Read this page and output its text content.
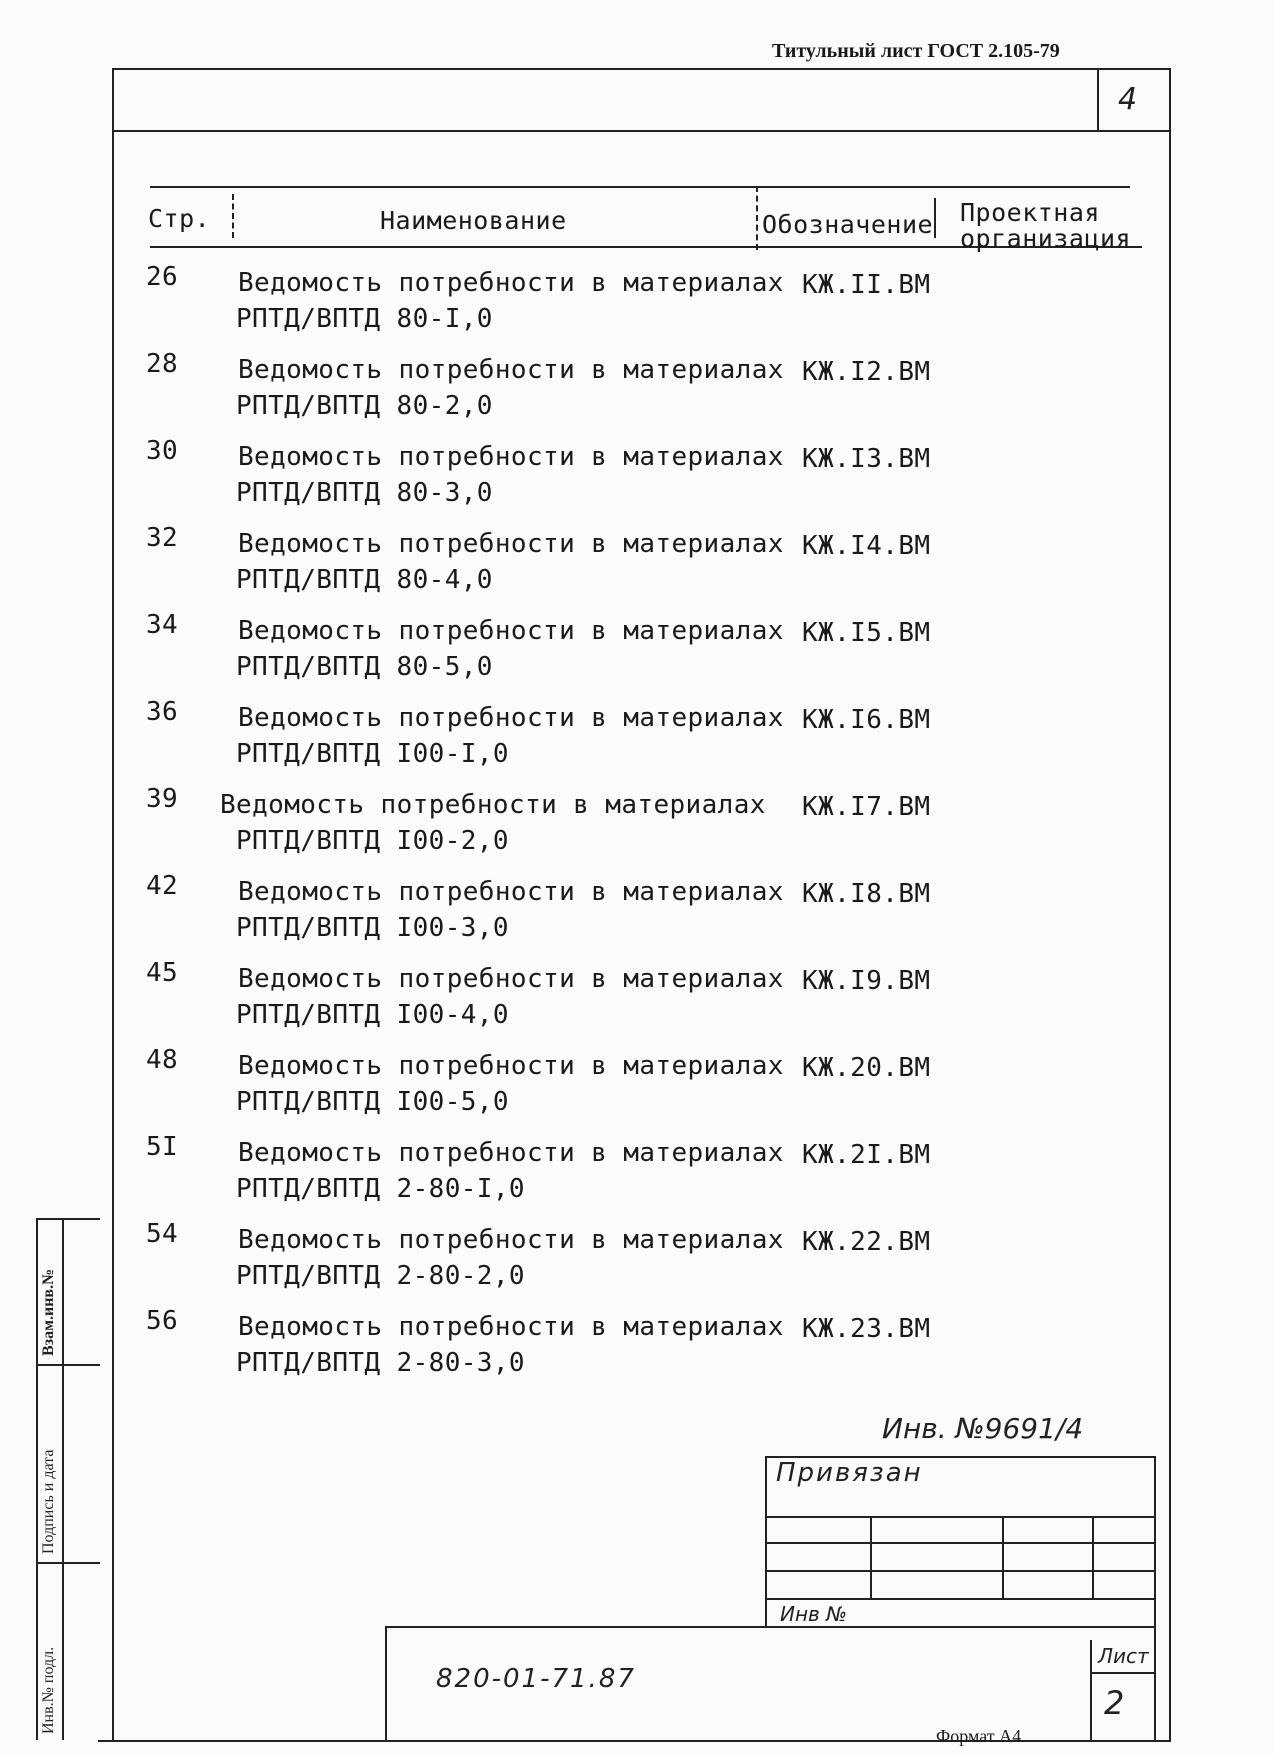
Титульный лист ГОСТ 2.105-79
4
Стр.	Наименование	Обозначение Проектная
организация
26 Ведомость потребности в материалах
РПТД/ВПТД 80-I,0
КЖ.II.ВМ
28 Ведомость потребности в материалах
РПТД/ВПТД 80-2,0
КЖ.I2.ВМ
30 Ведомость потребности в материалах
РПТД/ВПТД 80-3,0
КЖ.I3.ВМ
32 Ведомость потребности в материалах
РПТД/ВПТД 80-4,0
КЖ.I4.ВМ
34 Ведомость потребности в материалах
РПТД/ВПТД 80-5,0
КЖ.I5.ВМ
36 Ведомость потребности в материалах
РПТД/ВПТД I00-I,0
КЖ.I6.ВМ
39 Ведомость потребности в материалах
РПТД/ВПТД I00-2,0
КЖ.I7.ВМ
42 Ведомость потребности в материалах
РПТД/ВПТД I00-3,0
КЖ.I8.ВМ
45 Ведомость потребности в материалах
РПТД/ВПТД I00-4,0
КЖ.I9.ВМ
48 Ведомость потребности в материалах
РПТД/ВПТД I00-5,0
КЖ.20.ВМ
5I Ведомость потребности в материалах
РПТД/ВПТД 2-80-I,0
КЖ.2I.ВМ
54 Ведомость потребности в материалах
РПТД/ВПТД 2-80-2,0
КЖ.22.ВМ
56 Ведомость потребности в материалах
РПТД/ВПТД 2-80-3,0
КЖ.23.ВМ
Инв. №9691/4
Привязан
Инв №
820-01-71.87
Лист
2
Взам.инв.№
Подпись и дата
Инв.№ подл.
Формат А4
